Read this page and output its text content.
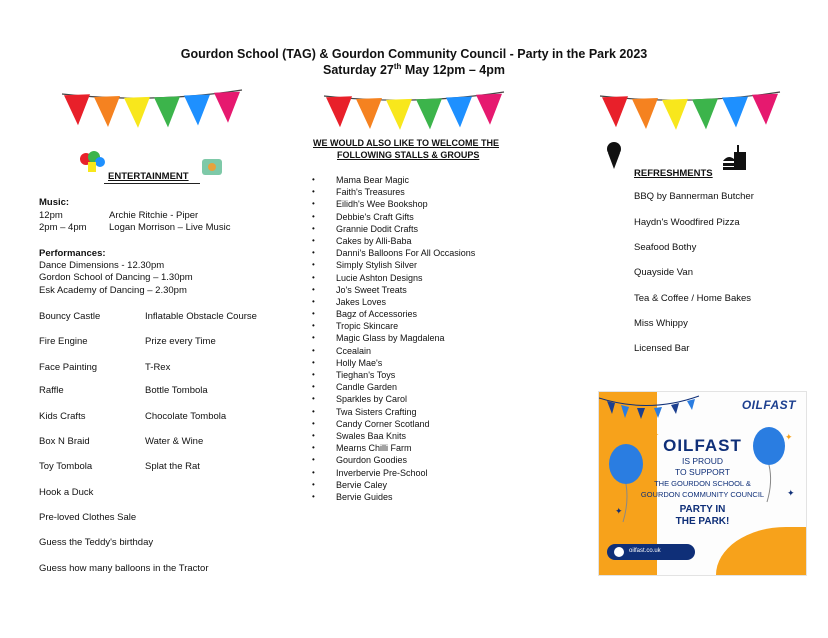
Gourdon School (TAG) & Gourdon Community Council - Party in the Park 2023
Saturday 27th May 12pm – 4pm
ENTERTAINMENT
Music:
12pm	Archie Ritchie - Piper
2pm – 4pm Logan Morrison – Live Music
Performances:
Dance Dimensions - 12.30pm
Gordon School of Dancing – 1.30pm
Esk Academy of Dancing – 2.30pm
Bouncy Castle	Inflatable Obstacle Course
Fire Engine	Prize every Time
Face Painting	T-Rex
Raffle	Bottle Tombola
Kids Crafts	Chocolate Tombola
Box N Braid	Water & Wine
Toy Tombola	Splat the Rat
Hook a Duck
Pre-loved Clothes Sale
Guess the Teddy's birthday
Guess how many balloons in the Tractor
WE WOULD ALSO LIKE TO WELCOME THE
FOLLOWING STALLS & GROUPS
• Mama Bear Magic
• Faith's Treasures
• Eilidh's Wee Bookshop
• Debbie's Craft Gifts
• Grannie Dodit Crafts
• Cakes by Alli-Baba
• Danni's Balloons For All Occasions
• Simply Stylish Silver
• Lucie Ashton Designs
• Jo's Sweet Treats
• Jakes Loves
• Bagz of Accessories
• Tropic Skincare
• Magic Glass by Magdalena
• Ccealain
• Holly Mae's
• Tieghan's Toys
• Candle Garden
• Sparkles by Carol
• Twa Sisters Crafting
• Candy Corner Scotland
• Swales Baa Knits
• Mearns Chilli Farm
• Gourdon Goodies
• Inverbervie Pre-School
• Bervie Caley
• Bervie Guides
REFRESHMENTS
BBQ by Bannerman Butcher
Haydn's Woodfired Pizza
Seafood Bothy
Quayside Van
Tea & Coffee / Home Bakes
Miss Whippy
Licensed Bar
✦	✦
✦
✦
OILFAST
OILFAST
IS PROUD
TO SUPPORT
THE GOURDON SCHOOL &
GOURDON COMMUNITY COUNCIL
PARTY IN
THE PARK!
oilfast.co.uk
